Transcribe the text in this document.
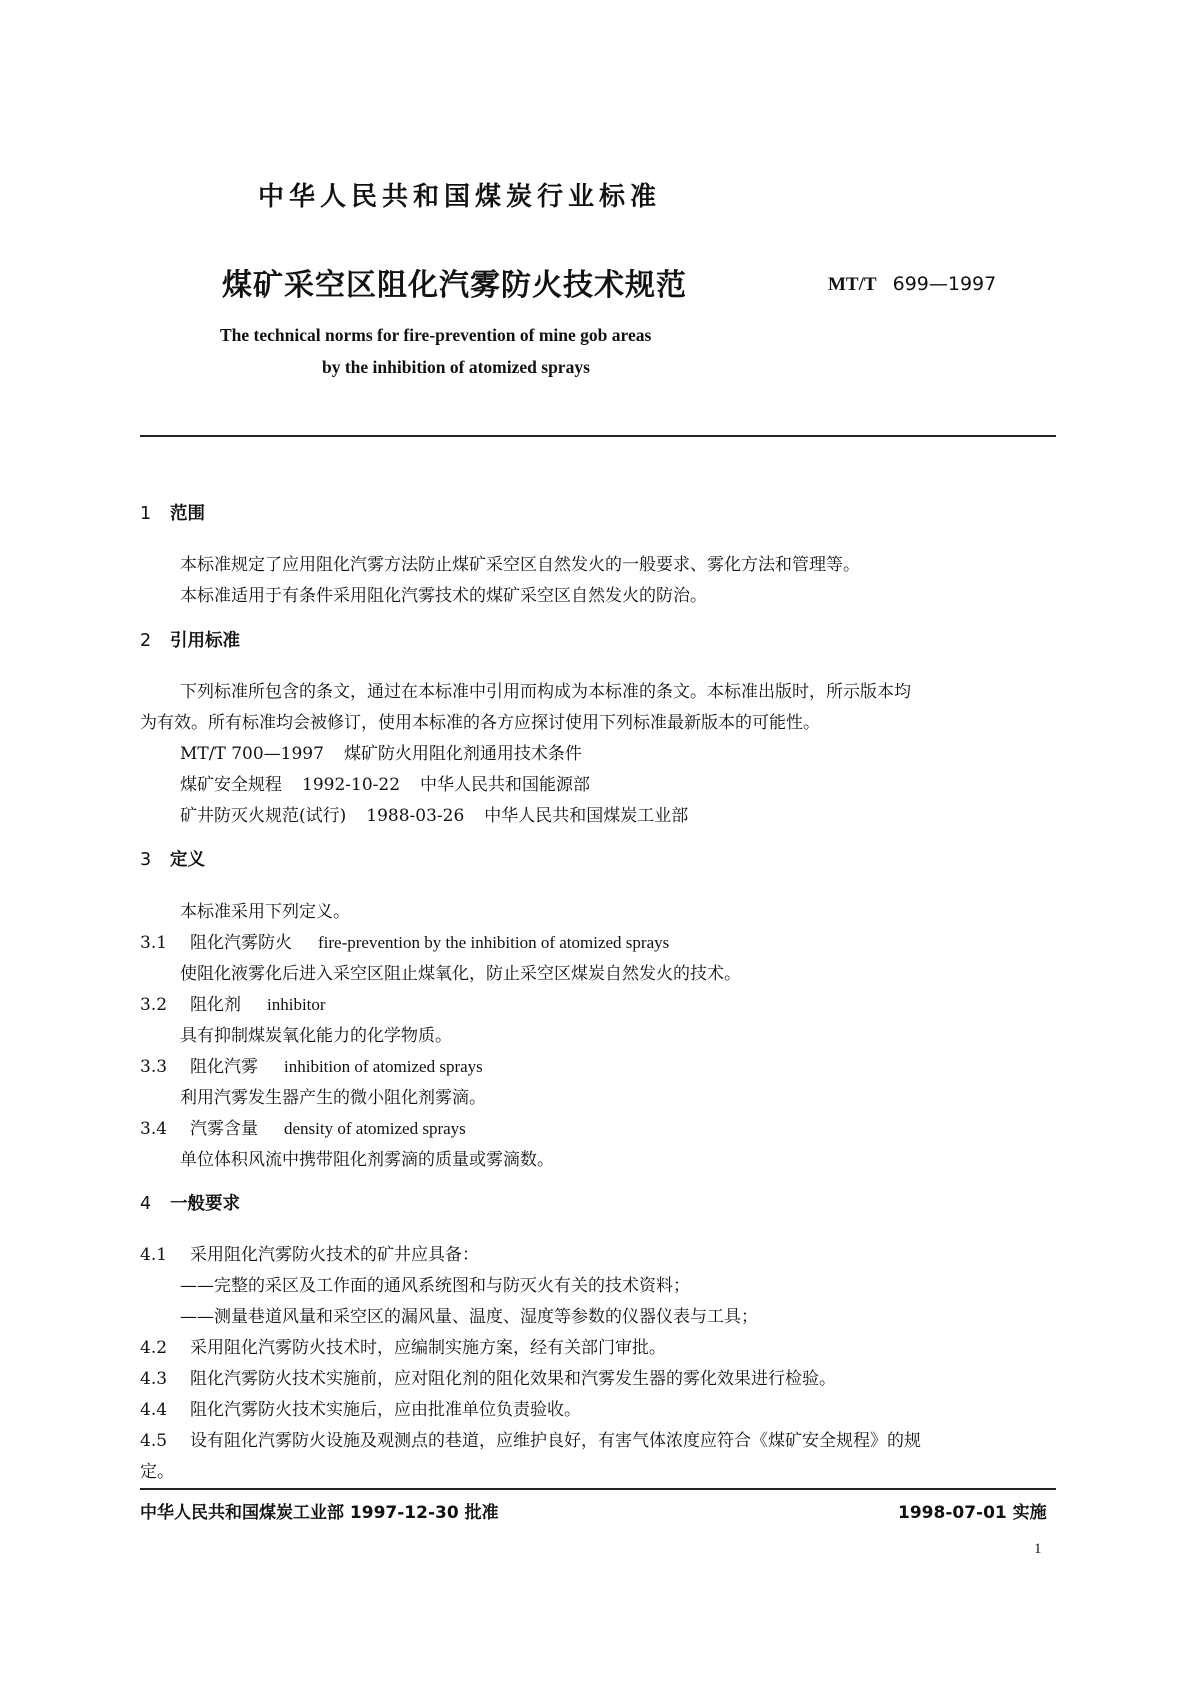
中华人民共和国煤炭行业标准
煤矿采空区阻化汽雾防火技术规范	MT/T 699—1997
The technical norms for fire-prevention of mine gob areas
by the inhibition of atomized sprays
1 范围
本标准规定了应用阻化汽雾方法防止煤矿采空区自然发火的一般要求、雾化方法和管理等。
本标准适用于有条件采用阻化汽雾技术的煤矿采空区自然发火的防治。
2 引用标准
下列标准所包含的条文，通过在本标准中引用而构成为本标准的条文。本标准出版时，所示版本均
为有效。所有标准均会被修订，使用本标准的各方应探讨使用下列标准最新版本的可能性。
MT/T 700—1997 煤矿防火用阻化剂通用技术条件
煤矿安全规程 1992-10-22 中华人民共和国能源部
矿井防灭火规范(试行) 1988-03-26 中华人民共和国煤炭工业部
3 定义
本标准采用下列定义。
3.1 阻化汽雾防火 fire-prevention by the inhibition of atomized sprays
使阻化液雾化后进入采空区阻止煤氧化，防止采空区煤炭自然发火的技术。
3.2 阻化剂 inhibitor
具有抑制煤炭氧化能力的化学物质。
3.3 阻化汽雾 inhibition of atomized sprays
利用汽雾发生器产生的微小阻化剂雾滴。
3.4 汽雾含量 density of atomized sprays
单位体积风流中携带阻化剂雾滴的质量或雾滴数。
4 一般要求
4.1 采用阻化汽雾防火技术的矿井应具备：
——完整的采区及工作面的通风系统图和与防灭火有关的技术资料；
——测量巷道风量和采空区的漏风量、温度、湿度等参数的仪器仪表与工具；
4.2 采用阻化汽雾防火技术时，应编制实施方案，经有关部门审批。
4.3 阻化汽雾防火技术实施前，应对阻化剂的阻化效果和汽雾发生器的雾化效果进行检验。
4.4 阻化汽雾防火技术实施后，应由批准单位负责验收。
4.5 设有阻化汽雾防火设施及观测点的巷道，应维护良好，有害气体浓度应符合《煤矿安全规程》的规
定。
中华人民共和国煤炭工业部 1997-12-30 批准	1998-07-01 实施
1
